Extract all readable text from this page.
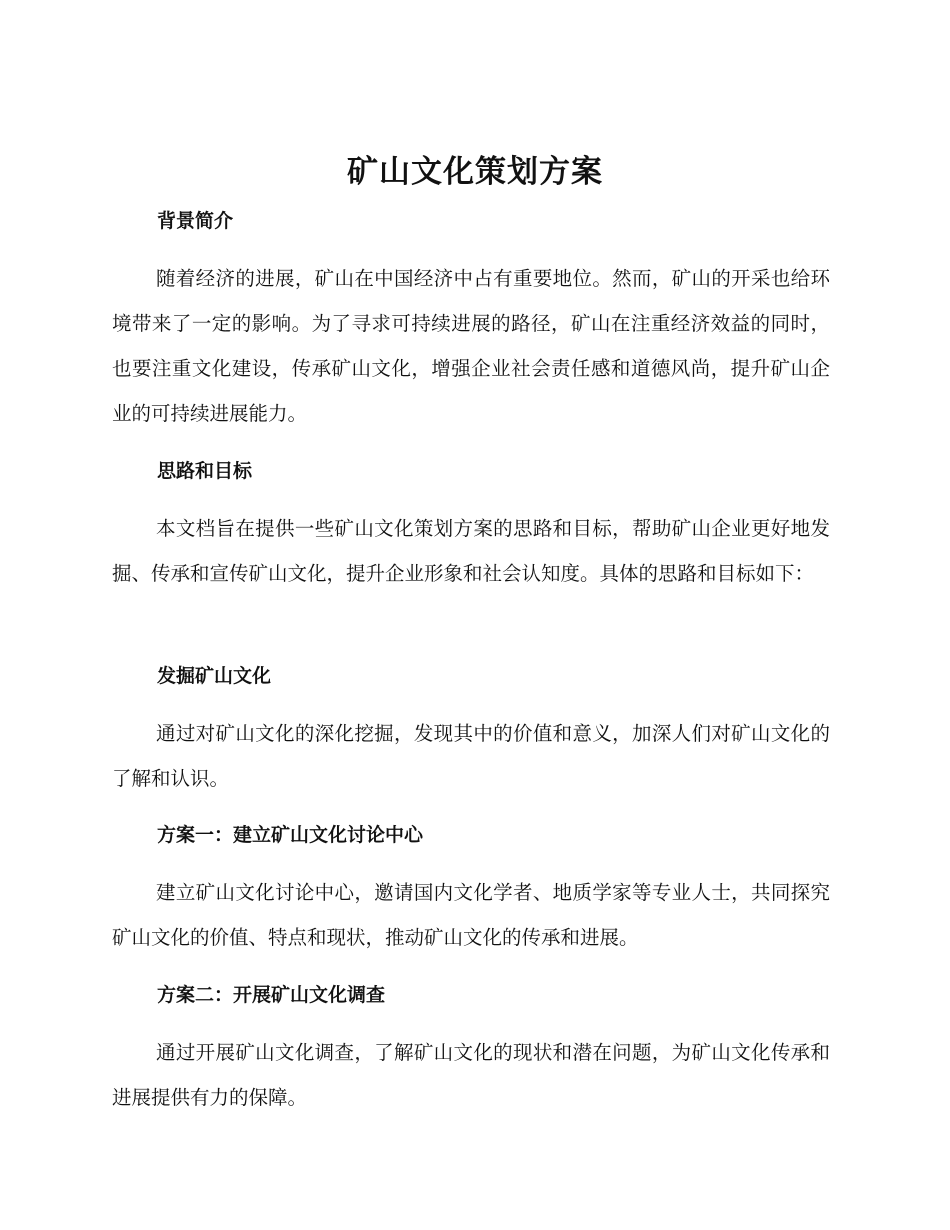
矿山文化策划方案
背景简介

随着经济的进展，矿山在中国经济中占有重要地位。然而，矿山的开采也给环境带来了一定的影响。为了寻求可持续进展的路径，矿山在注重经济效益的同时，也要注重文化建设，传承矿山文化，增强企业社会责任感和道德风尚，提升矿山企业的可持续进展能力。

思路和目标

本文档旨在提供一些矿山文化策划方案的思路和目标，帮助矿山企业更好地发掘、传承和宣传矿山文化，提升企业形象和社会认知度。具体的思路和目标如下：

发掘矿山文化

通过对矿山文化的深化挖掘，发现其中的价值和意义，加深人们对矿山文化的了解和认识。

方案一：建立矿山文化讨论中心

建立矿山文化讨论中心，邀请国内文化学者、地质学家等专业人士，共同探究矿山文化的价值、特点和现状，推动矿山文化的传承和进展。

方案二：开展矿山文化调查

通过开展矿山文化调查，了解矿山文化的现状和潜在问题，为矿山文化传承和进展提供有力的保障。
